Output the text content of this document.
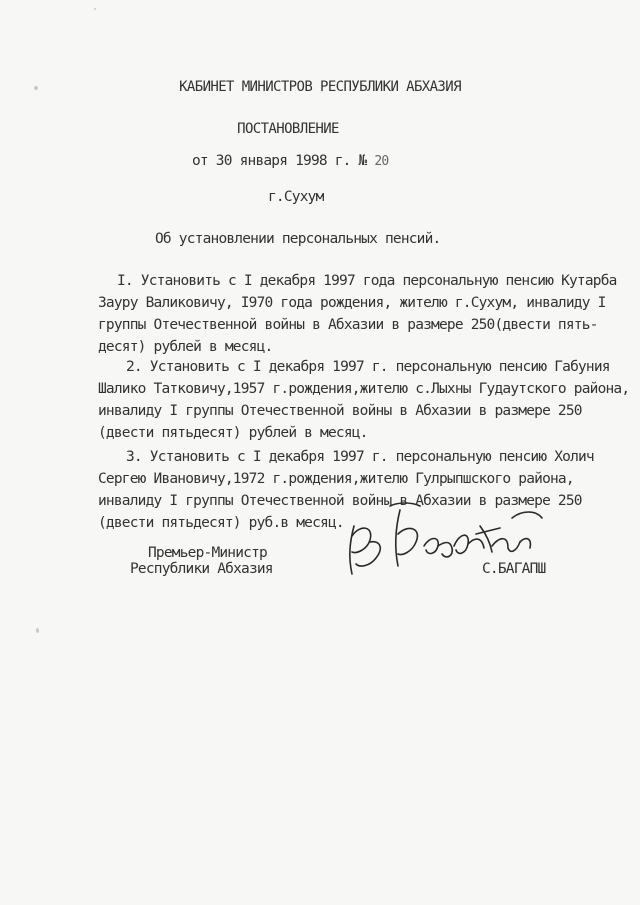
КАБИНЕТ МИНИСТРОВ РЕСПУБЛИКИ АБХАЗИЯ
ПОСТАНОВЛЕНИЕ
от 30 января 1998 г. № 20
г.Сухум
Об установлении персональных пенсий.
I. Установить с I декабря 1997 года персональную пенсию Кутарба
Зауру Валиковичу, I970 года рождения, жителю г.Сухум, инвалиду I
группы Отечественной войны в Абхазии в размере 250(двести пять-
десят) рублей в месяц.
2. Установить с I декабря 1997 г. персональную пенсию Габуния
Шалико Татковичу,1957 г.рождения,жителю с.Лыхны Гудаутского района,
инвалиду I группы Отечественной войны в Абхазии в размере 250
(двести пятьдесят) рублей в месяц.
3. Установить с I декабря 1997 г. персональную пенсию Холич
Сергею Ивановичу,1972 г.рождения,жителю Гулрыпшского района,
инвалиду I группы Отечественной войны в Абхазии в размере 250
(двести пятьдесят) руб.в месяц.
Премьер-Министр
Республики Абхазия	С.БАГАПШ
